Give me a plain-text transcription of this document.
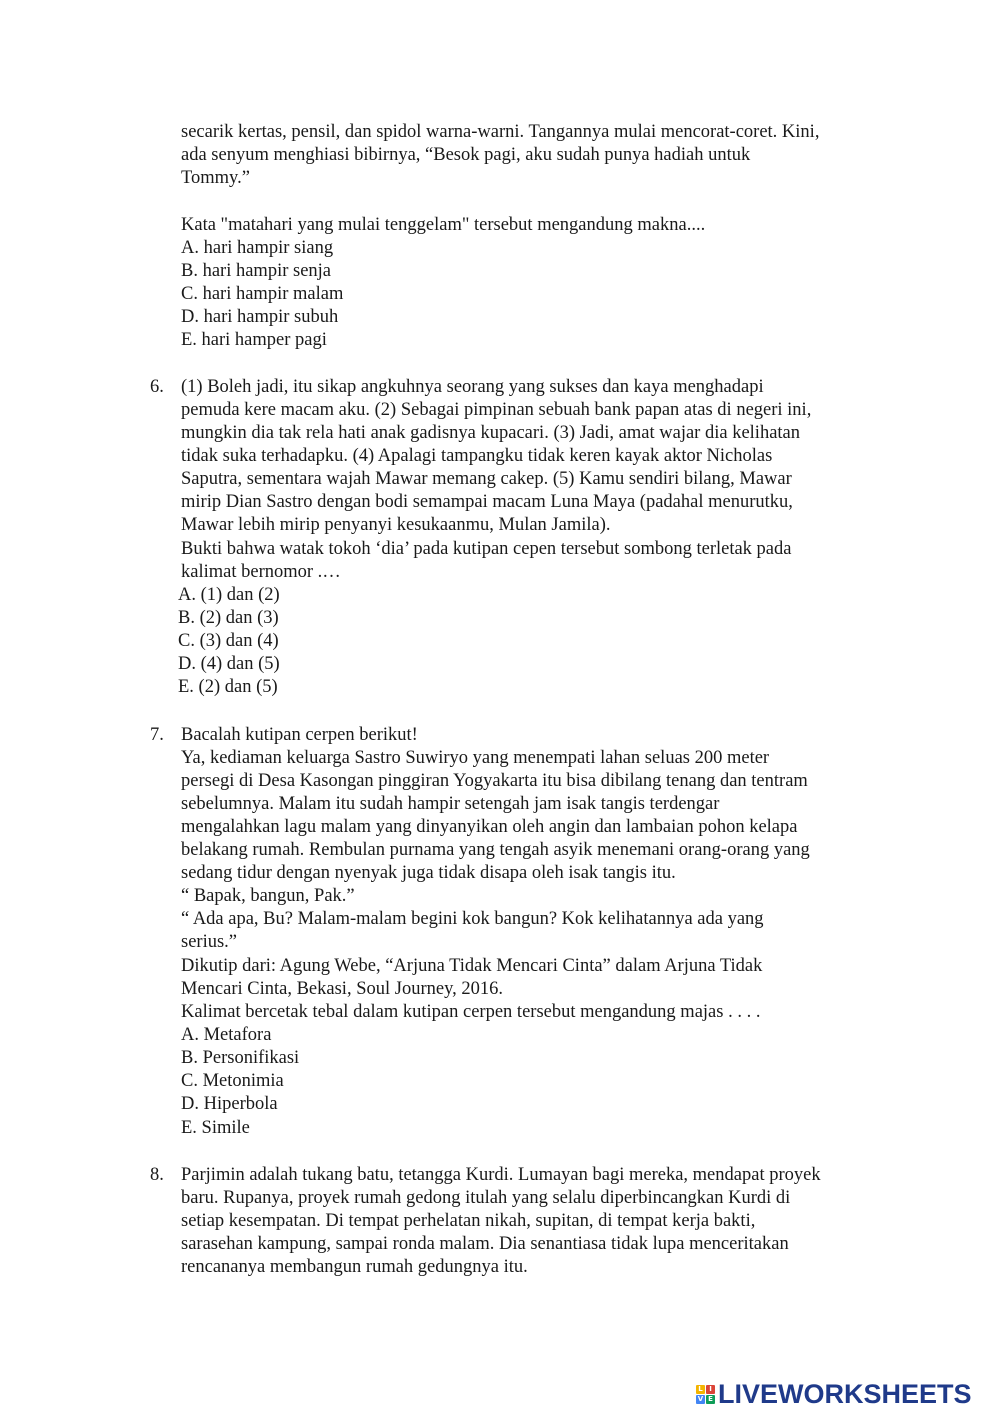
secarik kertas, pensil, dan spidol warna-warni. Tangannya mulai mencorat-coret. Kini,
ada senyum menghiasi bibirnya, “Besok pagi, aku sudah punya hadiah untuk
Tommy.”
Kata "matahari yang mulai tenggelam" tersebut mengandung makna....
A. hari hampir siang
B. hari hampir senja
C. hari hampir malam
D. hari hampir subuh
E. hari hamper pagi
6. (1) Boleh jadi, itu sikap angkuhnya seorang yang sukses dan kaya menghadapi
pemuda kere macam aku. (2) Sebagai pimpinan sebuah bank papan atas di negeri ini,
mungkin dia tak rela hati anak gadisnya kupacari. (3) Jadi, amat wajar dia kelihatan
tidak suka terhadapku. (4) Apalagi tampangku tidak keren kayak aktor Nicholas
Saputra, sementara wajah Mawar memang cakep. (5) Kamu sendiri bilang, Mawar
mirip Dian Sastro dengan bodi semampai macam Luna Maya (padahal menurutku,
Mawar lebih mirip penyanyi kesukaanmu, Mulan Jamila).
Bukti bahwa watak tokoh ‘dia’ pada kutipan cepen tersebut sombong terletak pada
kalimat bernomor .…
A. (1) dan (2)
B. (2) dan (3)
C. (3) dan (4)
D. (4) dan (5)
E. (2) dan (5)
7. Bacalah kutipan cerpen berikut!
Ya, kediaman keluarga Sastro Suwiryo yang menempati lahan seluas 200 meter
persegi di Desa Kasongan pinggiran Yogyakarta itu bisa dibilang tenang dan tentram
sebelumnya. Malam itu sudah hampir setengah jam isak tangis terdengar
mengalahkan lagu malam yang dinyanyikan oleh angin dan lambaian pohon kelapa
belakang rumah. Rembulan purnama yang tengah asyik menemani orang-orang yang
sedang tidur dengan nyenyak juga tidak disapa oleh isak tangis itu.
“ Bapak, bangun, Pak.”
“ Ada apa, Bu? Malam-malam begini kok bangun? Kok kelihatannya ada yang
serius.”
Dikutip dari: Agung Webe, “Arjuna Tidak Mencari Cinta” dalam Arjuna Tidak
Mencari Cinta, Bekasi, Soul Journey, 2016.
Kalimat bercetak tebal dalam kutipan cerpen tersebut mengandung majas . . . .
A. Metafora
B. Personifikasi
C. Metonimia
D. Hiperbola
E. Simile
8. Parjimin adalah tukang batu, tetangga Kurdi. Lumayan bagi mereka, mendapat proyek
baru. Rupanya, proyek rumah gedong itulah yang selalu diperbincangkan Kurdi di
setiap kesempatan. Di tempat perhelatan nikah, supitan, di tempat kerja bakti,
sarasehan kampung, sampai ronda malam. Dia senantiasa tidak lupa menceritakan
rencananya membangun rumah gedungnya itu.
L I
V E LIVEWORKSHEETS
